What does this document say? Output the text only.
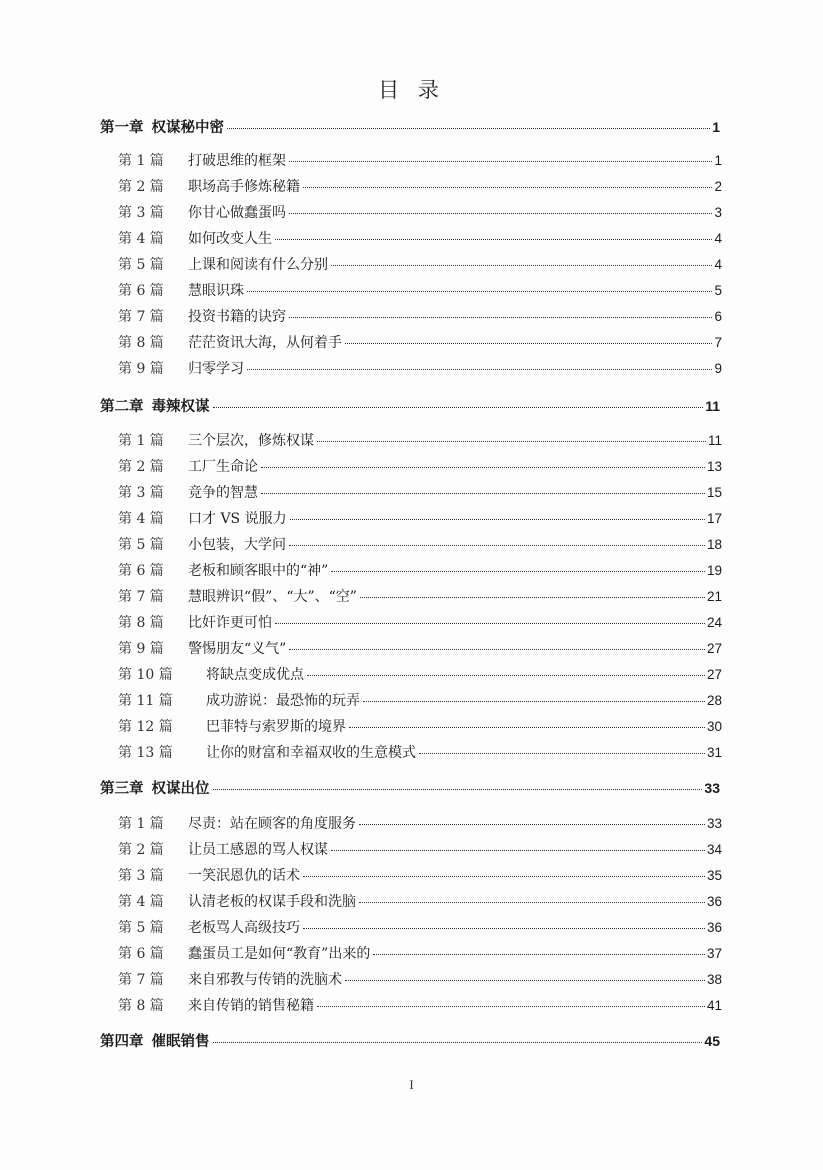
目 录
第一章 权谋秘中密	1
第 1 篇	打破思维的框架	1
第 2 篇	职场高手修炼秘籍	2
第 3 篇	你甘心做蠢蛋吗	3
第 4 篇	如何改变人生	4
第 5 篇	上课和阅读有什么分别	4
第 6 篇	慧眼识珠	5
第 7 篇	投资书籍的诀窍	6
第 8 篇	茫茫资讯大海，从何着手	7
第 9 篇	归零学习	9
第二章 毒辣权谋	11
第 1 篇	三个层次，修炼权谋	11
第 2 篇	工厂生命论	13
第 3 篇	竞争的智慧	15
第 4 篇	口才 VS 说服力	17
第 5 篇	小包装，大学问	18
第 6 篇	老板和顾客眼中的“神”	19
第 7 篇	慧眼辨识“假”、“大”、“空”	21
第 8 篇	比奸诈更可怕	24
第 9 篇	警惕朋友“义气”	27
第 10 篇	将缺点变成优点	27
第 11 篇	成功游说：最恐怖的玩弄	28
第 12 篇	巴菲特与索罗斯的境界	30
第 13 篇	让你的财富和幸福双收的生意模式	31
第三章 权谋出位	33
第 1 篇	尽责：站在顾客的角度服务	33
第 2 篇	让员工感恩的骂人权谋	34
第 3 篇	一笑泯恩仇的话术	35
第 4 篇	认清老板的权谋手段和洗脑	36
第 5 篇	老板骂人高级技巧	36
第 6 篇	蠢蛋员工是如何“教育”出来的	37
第 7 篇	来自邪教与传销的洗脑术	38
第 8 篇	来自传销的销售秘籍	41
第四章 催眠销售	45
I
